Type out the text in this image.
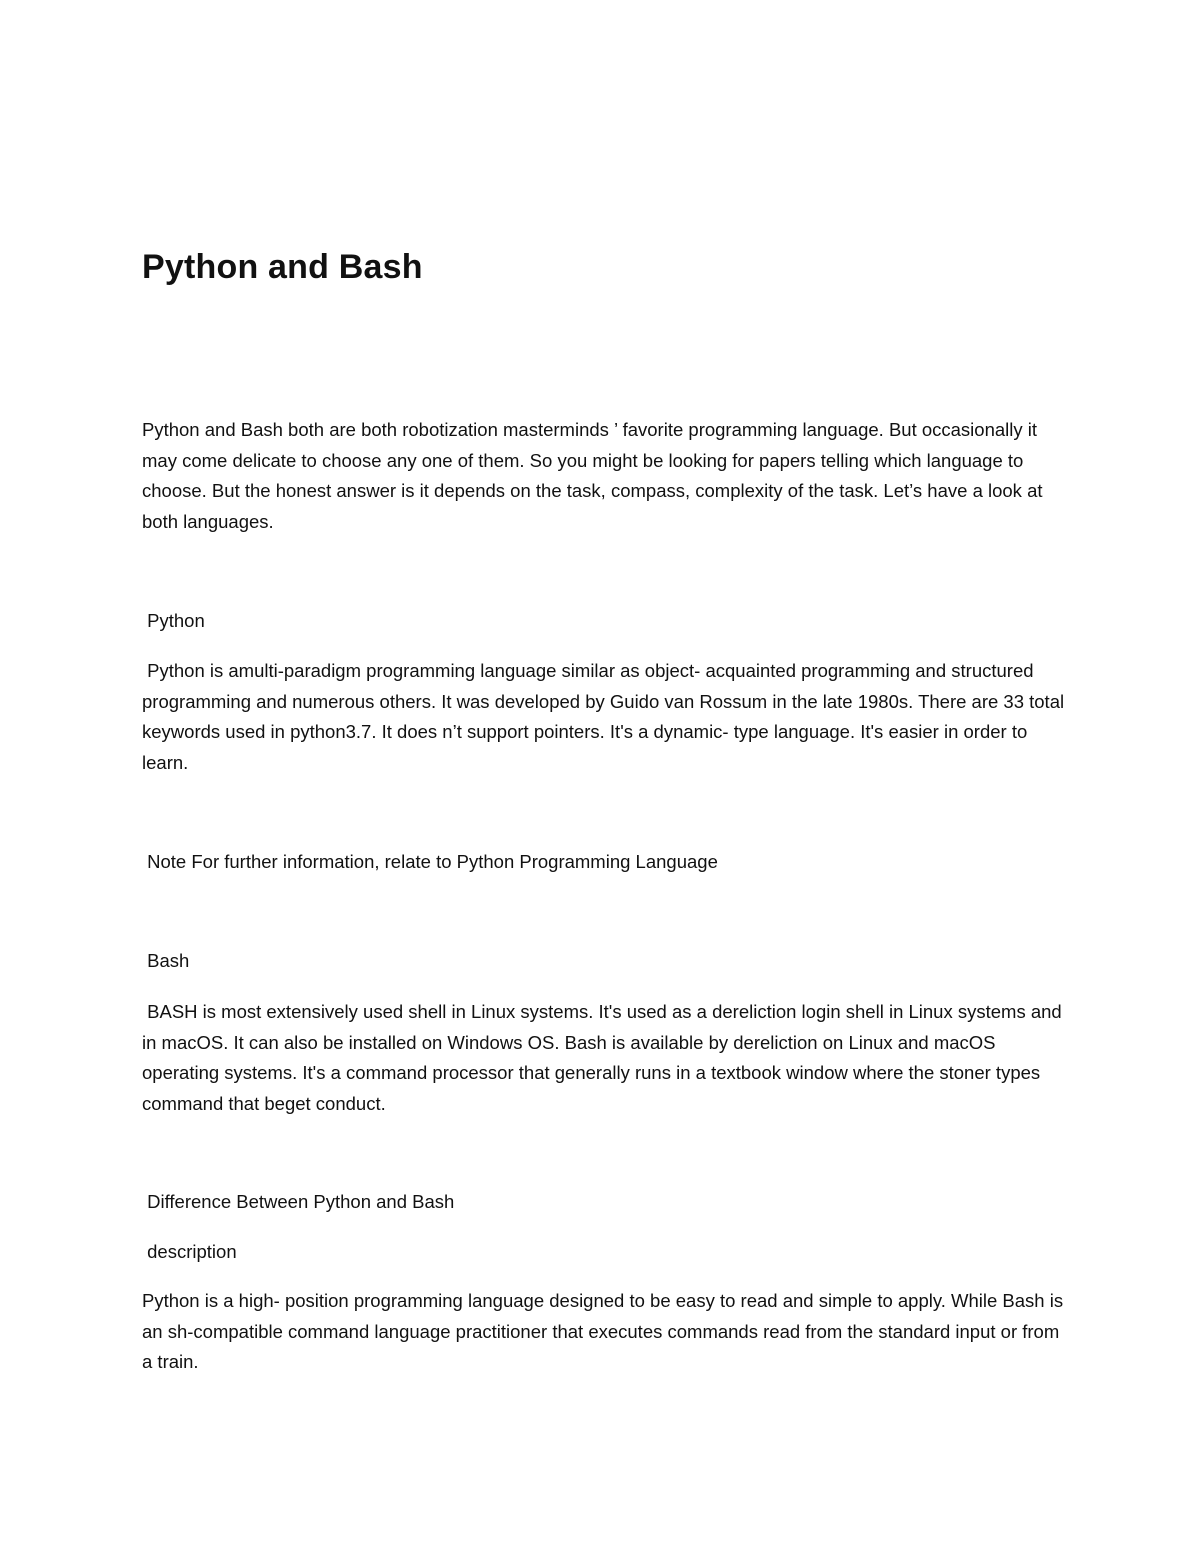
Python and Bash

Python and Bash both are both robotization masterminds ’ favorite programming language. But occasionally it may come delicate to choose any one of them. So you might be looking for papers telling which language to choose. But the honest answer is it depends on the task, compass, complexity of the task. Let’s have a look at both languages.

Python

Python is amulti-paradigm programming language similar as object- acquainted programming and structured programming and numerous others. It was developed by Guido van Rossum in the late 1980s. There are 33 total keywords used in python3.7. It does n’t support pointers. It's a dynamic- type language. It's easier in order to learn.

Note For further information, relate to Python Programming Language

Bash

BASH is most extensively used shell in Linux systems. It's used as a dereliction login shell in Linux systems and in macOS. It can also be installed on Windows OS. Bash is available by dereliction on Linux and macOS operating systems. It's a command processor that generally runs in a textbook window where the stoner types command that beget conduct.

Difference Between Python and Bash

description

Python is a high- position programming language designed to be easy to read and simple to apply. While Bash is an sh-compatible command language practitioner that executes commands read from the standard input or from a train.
